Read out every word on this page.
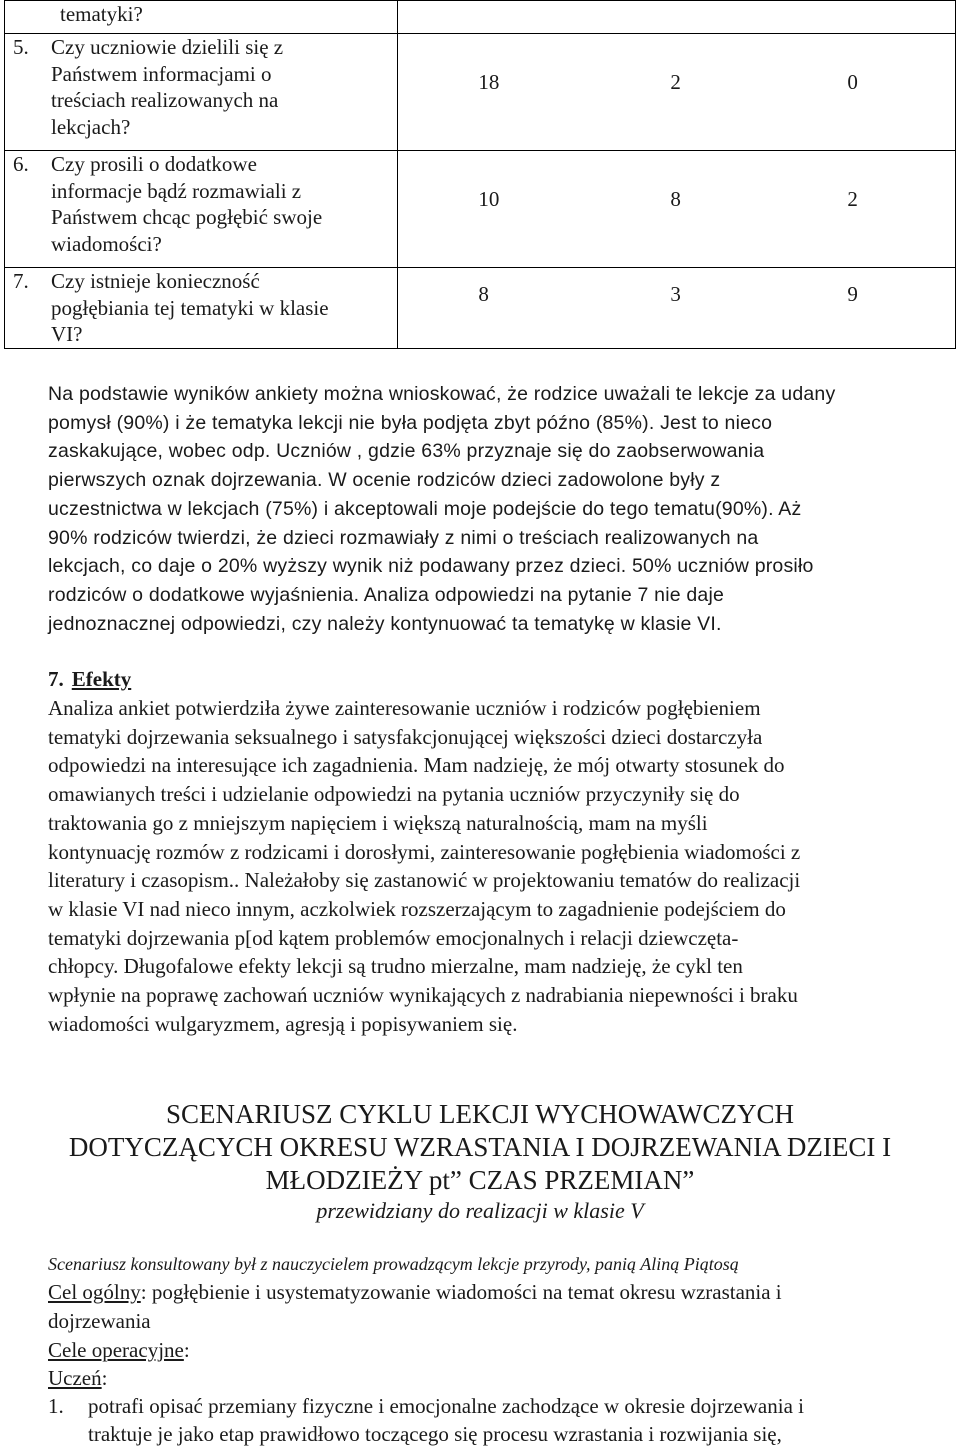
tematyki?	

5. Czy uczniowie dzielili się z
Państwem informacjami o
treściach realizowanych na
lekcjach?	18 2 0

6. Czy prosili o dodatkowe
informacje bądź rozmawiali z
Państwem chcąc pogłębić swoje
wiadomości?	10 8 2

7. Czy istnieje konieczność
pogłębiania tej tematyki w klasie
VI?	8 3 9
Na podstawie wyników ankiety można wnioskować, że rodzice uważali te lekcje za udany
pomysł (90%) i że tematyka lekcji nie była podjęta zbyt późno (85%). Jest to nieco
zaskakujące, wobec odp. Uczniów , gdzie 63% przyznaje się do zaobserwowania
pierwszych oznak dojrzewania. W ocenie rodziców dzieci zadowolone były z
uczestnictwa w lekcjach (75%) i akceptowali moje podejście do tego tematu(90%). Aż
90% rodziców twierdzi, że dzieci rozmawiały z nimi o treściach realizowanych na
lekcjach, co daje o 20% wyższy wynik niż podawany przez dzieci. 50% uczniów prosiło
rodziców o dodatkowe wyjaśnienia. Analiza odpowiedzi na pytanie 7 nie daje
jednoznacznej odpowiedzi, czy należy kontynuować ta tematykę w klasie VI.
7. Efekty
Analiza ankiet potwierdziła żywe zainteresowanie uczniów i rodziców pogłębieniem
tematyki dojrzewania seksualnego i satysfakcjonującej większości dzieci dostarczyła
odpowiedzi na interesujące ich zagadnienia. Mam nadzieję, że mój otwarty stosunek do
omawianych treści i udzielanie odpowiedzi na pytania uczniów przyczyniły się do
traktowania go z mniejszym napięciem i większą naturalnością, mam na myśli
kontynuację rozmów z rodzicami i dorosłymi, zainteresowanie pogłębienia wiadomości z
literatury i czasopism.. Należałoby się zastanowić w projektowaniu tematów do realizacji
w klasie VI nad nieco innym, aczkolwiek rozszerzającym to zagadnienie podejściem do
tematyki dojrzewania p[od kątem problemów emocjonalnych i relacji dziewczęta-
chłopcy. Długofalowe efekty lekcji są trudno mierzalne, mam nadzieję, że cykl ten
wpłynie na poprawę zachowań uczniów wynikających z nadrabiania niepewności i braku
wiadomości wulgaryzmem, agresją i popisywaniem się.
SCENARIUSZ CYKLU LEKCJI WYCHOWAWCZYCH
DOTYCZĄCYCH OKRESU WZRASTANIA I DOJRZEWANIA DZIECI I
MŁODZIEŻY pt” CZAS PRZEMIAN”
przewidziany do realizacji w klasie V
Scenariusz konsultowany był z nauczycielem prowadzącym lekcje przyrody, panią Aliną Piątosą
Cel ogólny: pogłębienie i usystematyzowanie wiadomości na temat okresu wzrastania i
dojrzewania
Cele operacyjne:
Uczeń:
1.	potrafi opisać przemiany fizyczne i emocjonalne zachodzące w okresie dojrzewania i
traktuje je jako etap prawidłowo toczącego się procesu wzrastania i rozwijania się,
